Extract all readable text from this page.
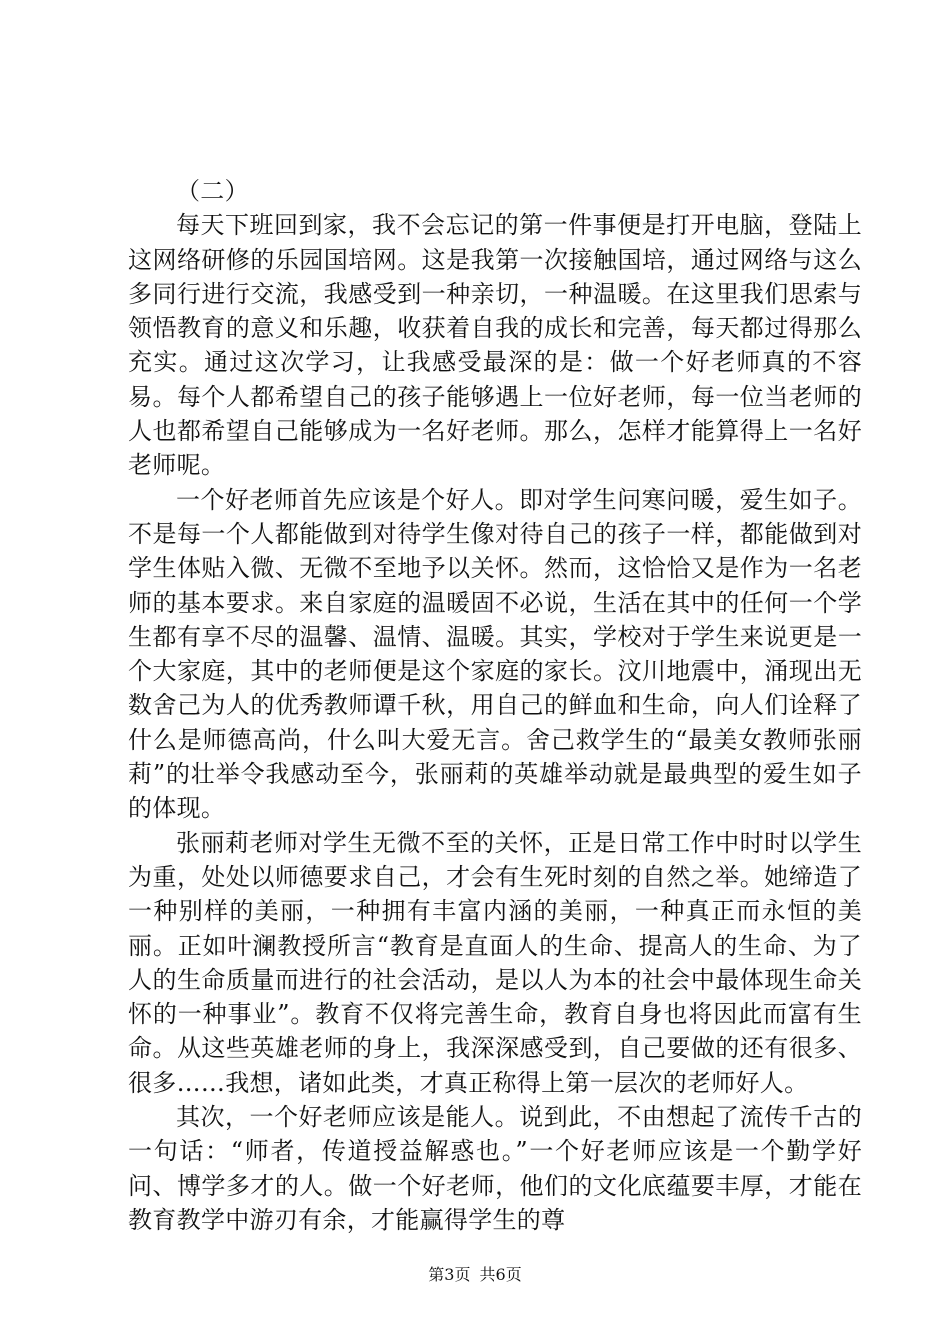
（二）

每天下班回到家，我不会忘记的第一件事便是打开电脑，登陆上这网络研修的乐园国培网。这是我第一次接触国培，通过网络与这么多同行进行交流，我感受到一种亲切，一种温暖。在这里我们思索与领悟教育的意义和乐趣，收获着自我的成长和完善，每天都过得那么充实。通过这次学习，让我感受最深的是：做一个好老师真的不容易。每个人都希望自己的孩子能够遇上一位好老师，每一位当老师的人也都希望自己能够成为一名好老师。那么，怎样才能算得上一名好老师呢。

一个好老师首先应该是个好人。即对学生问寒问暖，爱生如子。不是每一个人都能做到对待学生像对待自己的孩子一样，都能做到对学生体贴入微、无微不至地予以关怀。然而，这恰恰又是作为一名老师的基本要求。来自家庭的温暖固不必说，生活在其中的任何一个学生都有享不尽的温馨、温情、温暖。其实，学校对于学生来说更是一个大家庭，其中的老师便是这个家庭的家长。汶川地震中，涌现出无数舍己为人的优秀教师谭千秋，用自己的鲜血和生命，向人们诠释了什么是师德高尚，什么叫大爱无言。舍己救学生的“最美女教师张丽莉”的壮举令我感动至今，张丽莉的英雄举动就是最典型的爱生如子的体现。

张丽莉老师对学生无微不至的关怀，正是日常工作中时时以学生为重，处处以师德要求自己，才会有生死时刻的自然之举。她缔造了一种别样的美丽，一种拥有丰富内涵的美丽，一种真正而永恒的美丽。正如叶澜教授所言“教育是直面人的生命、提高人的生命、为了人的生命质量而进行的社会活动，是以人为本的社会中最体现生命关怀的一种事业”。教育不仅将完善生命，教育自身也将因此而富有生命。从这些英雄老师的身上，我深深感受到，自己要做的还有很多、很多……我想，诸如此类，才真正称得上第一层次的老师好人。

其次，一个好老师应该是能人。说到此，不由想起了流传千古的一句话：“师者，传道授益解惑也。”一个好老师应该是一个勤学好问、博学多才的人。做一个好老师，他们的文化底蕴要丰厚，才能在教育教学中游刃有余，才能赢得学生的尊

第3页 共6页
